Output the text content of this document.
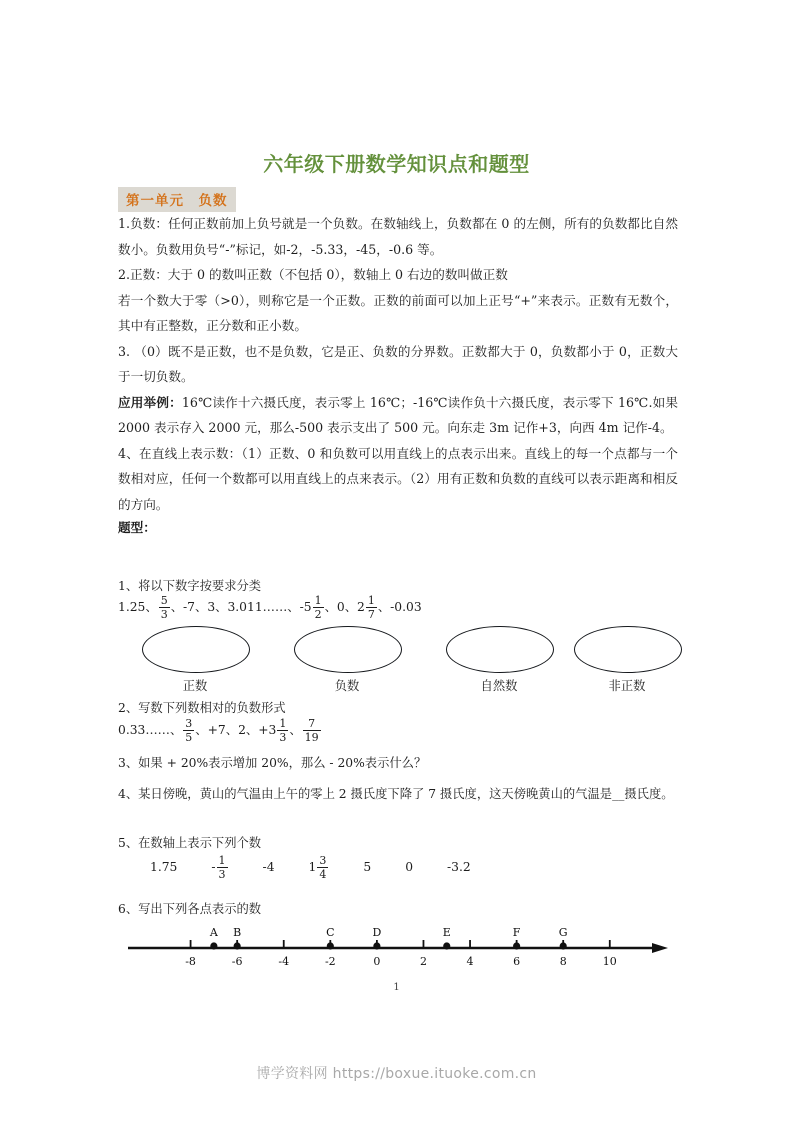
六年级下册数学知识点和题型
第一单元　负数

1.负数：任何正数前加上负号就是一个负数。在数轴线上，负数都在 0 的左侧，所有的负数都比自然数小。负数用负号“-”标记，如-2，-5.33，-45，-0.6 等。

2.正数：大于 0 的数叫正数（不包括 0），数轴上 0 右边的数叫做正数

若一个数大于零（>0），则称它是一个正数。正数的前面可以加上正号“+”来表示。正数有无数个，其中有正整数，正分数和正小数。

3. （0）既不是正数，也不是负数，它是正、负数的分界数。正数都大于 0，负数都小于 0，正数大于一切负数。

应用举例：16℃读作十六摄氏度，表示零上 16℃；-16℃读作负十六摄氏度，表示零下 16℃.如果 2000 表示存入 2000 元，那么-500 表示支出了 500 元。向东走 3m 记作+3，向西 4m 记作-4。

4、在直线上表示数：（1）正数、0 和负数可以用直线上的点表示出来。直线上的每一个点都与一个数相对应，任何一个数都可以用直线上的点来表示。（2）用有正数和负数的直线可以表示距离和相反的方向。

题型：

1、将以下数字按要求分类
1.25、 $\frac{5}{3}$ 、-7、3、3.011……、 $-5 \frac{1}{2}$ 、0、 $2 \frac{1}{7}$ 、-0.03
正数	负数	自然数	非正数
2、写数下列数相对的负数形式
0.33……、 $\frac{3}{5}$ 、+7、2、 $+3 \frac{1}{3}$ 、 $\frac{7}{19}$
3、如果 + 20%表示增加 20%，那么 - 20%表示什么？
4、某日傍晚，黄山的气温由上午的零上 2 摄氏度下降了 7 摄氏度，这天傍晚黄山的气温是__摄氏度。
5、在数轴上表示下列个数
1.75	- $\frac{1}{3}$	-4	$1 \frac{3}{4}$	5	0	-3.2
6、写出下列各点表示的数
-8	-6	-4	-2	0	2	4	6	8	10
A B	C	D	E	F	G
1
博学资料网 https://boxue.ituoke.com.cn
